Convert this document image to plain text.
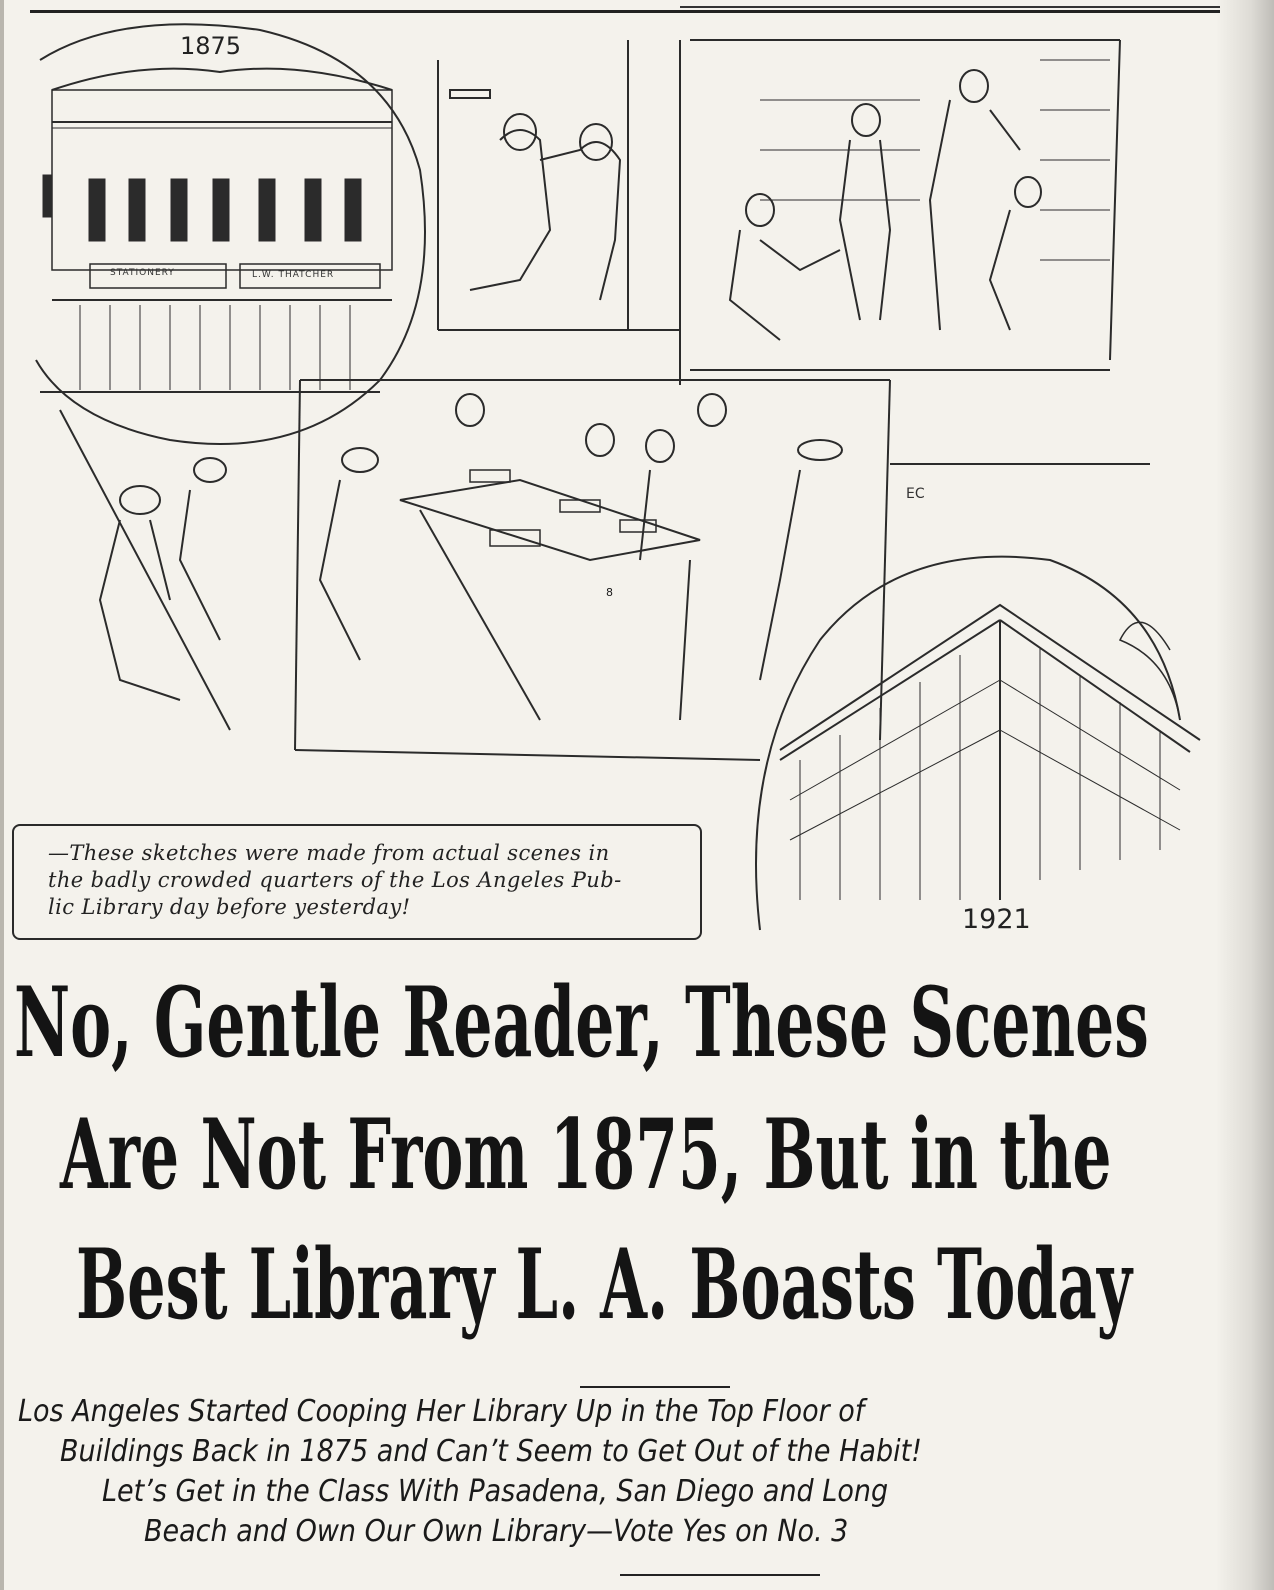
1875
STATIONERY	L.W. THATCHER
8
EC
1921
—These sketches were made from actual scenes in
the badly crowded quarters of the Los Angeles Pub-
lic Library day before yesterday!
No, Gentle Reader, These Scenes
Are Not From 1875, But in the
Best Library L. A. Boasts Today
Los Angeles Started Cooping Her Library Up in the Top Floor of
Buildings Back in 1875 and Can’t Seem to Get Out of the Habit!
Let’s Get in the Class With Pasadena, San Diego and Long
Beach and Own Our Own Library—Vote Yes on No. 3
